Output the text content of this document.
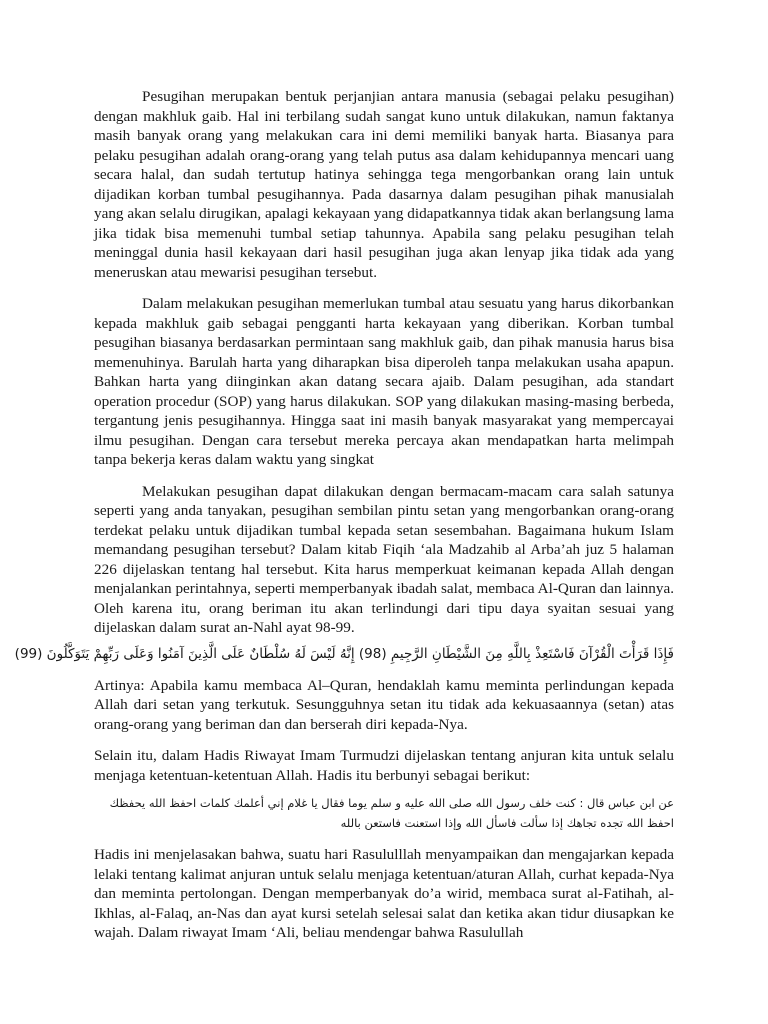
Pesugihan merupakan bentuk perjanjian antara manusia (sebagai pelaku pesugihan) dengan makhluk gaib. Hal ini terbilang sudah sangat kuno untuk dilakukan, namun faktanya masih banyak orang yang melakukan cara ini demi memiliki banyak harta. Biasanya para pelaku pesugihan adalah orang-orang yang telah putus asa dalam kehidupannya mencari uang secara halal, dan sudah tertutup hatinya sehingga tega mengorbankan orang lain untuk dijadikan korban tumbal pesugihannya. Pada dasarnya dalam pesugihan pihak manusialah yang akan selalu dirugikan, apalagi kekayaan yang didapatkannya tidak akan berlangsung lama jika tidak bisa memenuhi tumbal setiap tahunnya. Apabila sang pelaku pesugihan telah meninggal dunia hasil kekayaan dari hasil pesugihan juga akan lenyap jika tidak ada yang meneruskan atau mewarisi pesugihan tersebut.

Dalam melakukan pesugihan memerlukan tumbal atau sesuatu yang harus dikorbankan kepada makhluk gaib sebagai pengganti harta kekayaan yang diberikan. Korban tumbal pesugihan biasanya berdasarkan permintaan sang makhluk gaib, dan pihak manusia harus bisa memenuhinya. Barulah harta yang diharapkan bisa diperoleh tanpa melakukan usaha apapun. Bahkan harta yang diinginkan akan datang secara ajaib. Dalam pesugihan, ada standart operation procedur (SOP) yang harus dilakukan. SOP yang dilakukan masing-masing berbeda, tergantung jenis pesugihannya. Hingga saat ini masih banyak masyarakat yang mempercayai ilmu pesugihan. Dengan cara tersebut mereka percaya akan mendapatkan harta melimpah tanpa bekerja keras dalam waktu yang singkat

Melakukan pesugihan dapat dilakukan dengan bermacam-macam cara salah satunya seperti yang anda tanyakan, pesugihan sembilan pintu setan yang mengorbankan orang-orang terdekat pelaku untuk dijadikan tumbal kepada setan sesembahan. Bagaimana hukum Islam memandang pesugihan tersebut? Dalam kitab Fiqih ‘ala Madzahib al Arba’ah juz 5 halaman 226 dijelaskan tentang hal tersebut. Kita harus memperkuat keimanan kepada Allah dengan menjalankan perintahnya, seperti memperbanyak ibadah salat, membaca Al-Quran dan lainnya. Oleh karena itu, orang beriman itu akan terlindungi dari tipu daya syaitan sesuai yang dijelaskan dalam surat an-Nahl ayat 98-99.

فَإِذَا قَرَأْتَ الْقُرْآنَ فَاسْتَعِذْ بِاللَّهِ مِنَ الشَّيْطَانِ الرَّجِيمِ (98) إِنَّهُ لَيْسَ لَهُ سُلْطَانٌ عَلَى الَّذِينَ آمَنُوا وَعَلَى رَبِّهِمْ يَتَوَكَّلُونَ (99)

Artinya: Apabila kamu membaca Al–Quran, hendaklah kamu meminta perlindungan kepada Allah dari setan yang terkutuk. Sesungguhnya setan itu tidak ada kekuasaannya (setan) atas orang-orang yang beriman dan dan berserah diri kepada-Nya.

Selain itu, dalam Hadis Riwayat Imam Turmudzi dijelaskan tentang anjuran kita untuk selalu menjaga ketentuan-ketentuan Allah. Hadis itu berbunyi sebagai berikut:

عن ابن عباس قال : كنت خلف رسول الله صلى الله عليه و سلم يوما فقال يا غلام إني أعلمك كلمات احفظ الله يحفظك
احفظ الله تجده تجاهك إذا سألت فاسأل الله وإذا استعنت فاستعن بالله

Hadis ini menjelasakan bahwa, suatu hari Rasululllah menyampaikan dan mengajarkan kepada lelaki tentang kalimat anjuran untuk selalu menjaga ketentuan/aturan Allah, curhat kepada-Nya dan meminta pertolongan. Dengan memperbanyak do’a wirid, membaca surat al-Fatihah, al-Ikhlas, al-Falaq, an-Nas dan ayat kursi setelah selesai salat dan ketika akan tidur diusapkan ke wajah. Dalam riwayat Imam ‘Ali, beliau mendengar bahwa Rasulullah
